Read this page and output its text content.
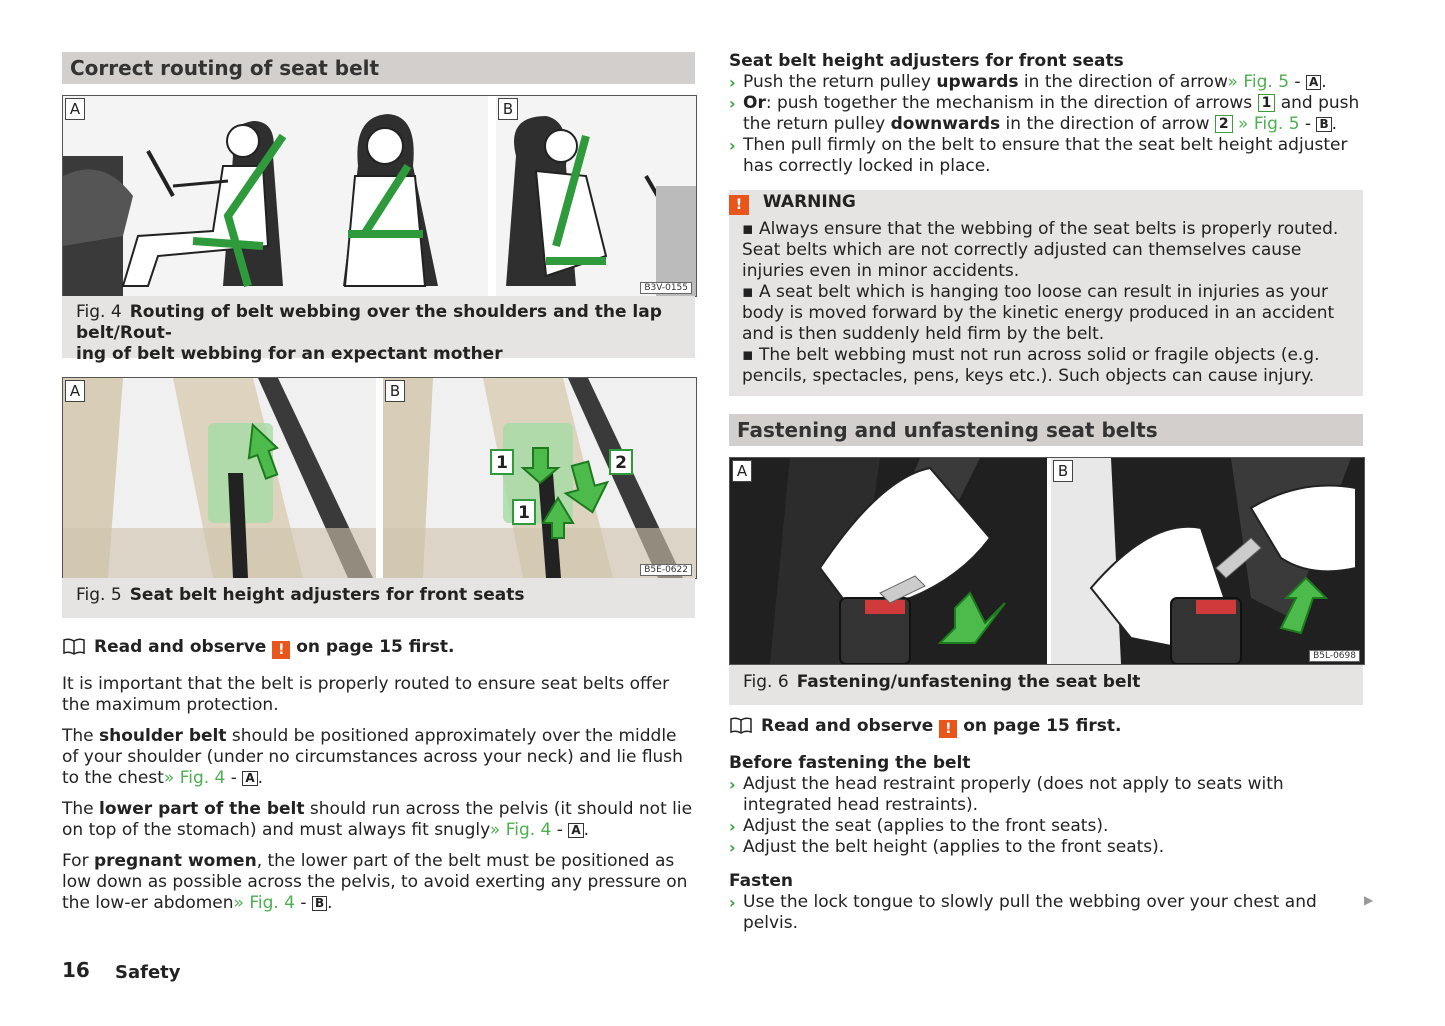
Correct routing of seat belt
A	B
B3V-0155
Fig. 4 Routing of belt webbing over the shoulders and the lap belt/Rout-
ing of belt webbing for an expectant mother
A
1	2
1
B
B5E-0622
Fig. 5 Seat belt height adjusters for front seats
Read and observe ! on page 15 first.

It is important that the belt is properly routed to ensure seat belts offer the maximum protection.

The shoulder belt should be positioned approximately over the middle of your shoulder (under no circumstances across your neck) and lie flush to the chest» Fig. 4 - A .

The lower part of the belt should run across the pelvis (it should not lie on top of the stomach) and must always fit snugly» Fig. 4 - A .

For pregnant women, the lower part of the belt must be positioned as low down as possible across the pelvis, to avoid exerting any pressure on the low-er abdomen» Fig. 4 - B .

16 Safety
Seat belt height adjusters for front seats
› Push the return pulley upwards in the direction of arrow» Fig. 5 - A .
› Or: push together the mechanism in the direction of arrows 1 and push the return pulley downwards in the direction of arrow 2 » Fig. 5 - B .
› Then pull firmly on the belt to ensure that the seat belt height adjuster has correctly locked in place.
! WARNING
▪ Always ensure that the webbing of the seat belts is properly routed. Seat belts which are not correctly adjusted can themselves cause injuries even in minor accidents.
▪ A seat belt which is hanging too loose can result in injuries as your body is moved forward by the kinetic energy produced in an accident and is then suddenly held firm by the belt.
▪ The belt webbing must not run across solid or fragile objects (e.g. pencils, spectacles, pens, keys etc.). Such objects can cause injury.
Fastening and unfastening seat belts
A	B
B5L-0698
Fig. 6 Fastening/unfastening the seat belt
Read and observe ! on page 15 first.
Before fastening the belt
› Adjust the head restraint properly (does not apply to seats with integrated head restraints).
› Adjust the seat (applies to the front seats).
› Adjust the belt height (applies to the front seats).
Fasten
› Use the lock tongue to slowly pull the webbing over your chest and pelvis.
▶
